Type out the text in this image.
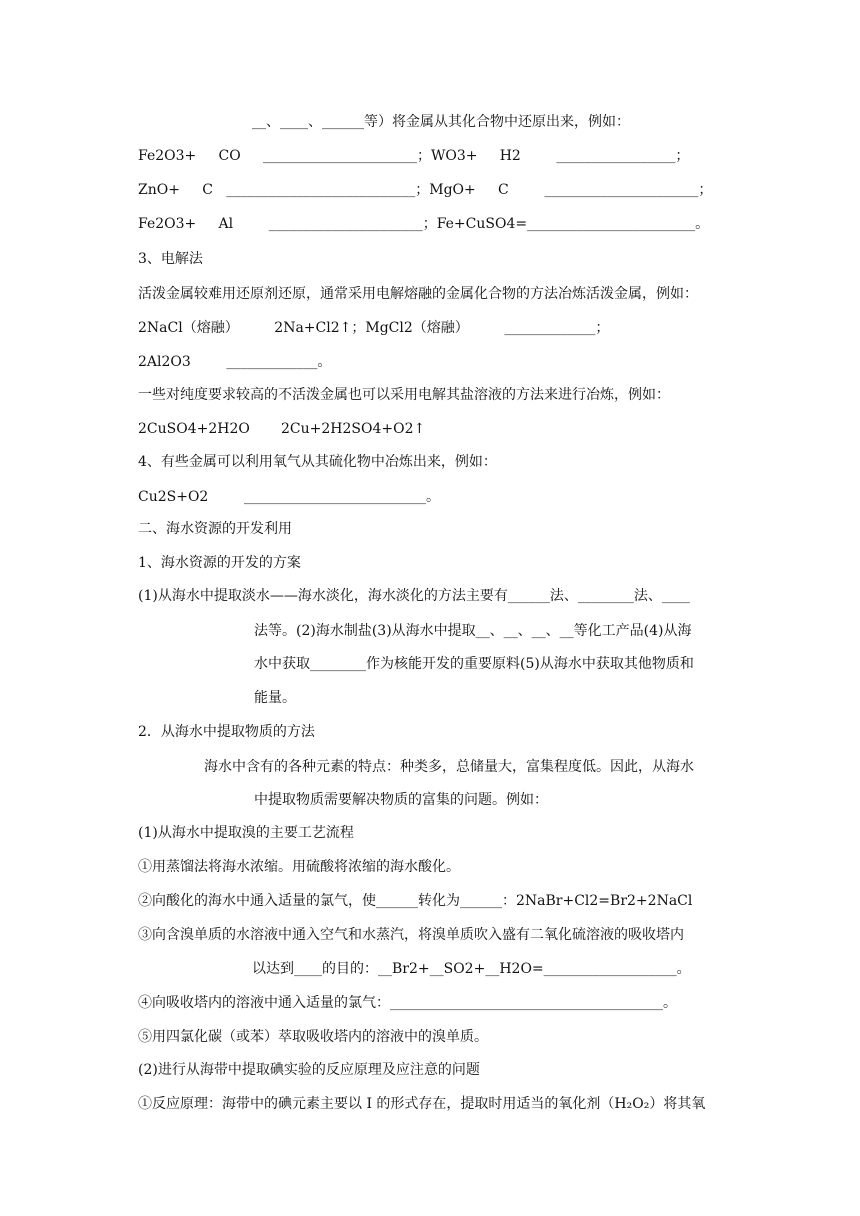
__、____、______等）将金属从其化合物中还原出来，例如：
Fe2O3+     CO     ______________________；WO3+     H2        _________________；
ZnO+     C   ___________________________；MgO+     C        ______________________；
Fe2O3+     Al        ______________________；Fe+CuSO4=________________________。
3、电解法
活泼金属较难用还原剂还原，通常采用电解熔融的金属化合物的方法冶炼活泼金属，例如：
2NaCl（熔融）        2Na+Cl2↑；MgCl2（熔融）        _____________；
2Al2O3        _____________。
一些对纯度要求较高的不活泼金属也可以采用电解其盐溶液的方法来进行冶炼，例如：
2CuSO4+2H2O       2Cu+2H2SO4+O2↑
4、有些金属可以利用氧气从其硫化物中冶炼出来，例如：
Cu2S+O2        __________________________。
二、海水资源的开发利用
1、海水资源的开发的方案
(1)从海水中提取淡水——海水淡化，海水淡化的方法主要有______法、________法、____
法等。(2)海水制盐(3)从海水中提取__、__、__、__等化工产品(4)从海
水中获取________作为核能开发的重要原料(5)从海水中获取其他物质和
能量。
2．从海水中提取物质的方法
海水中含有的各种元素的特点：种类多，总储量大，富集程度低。因此，从海水
中提取物质需要解决物质的富集的问题。例如：
(1)从海水中提取溴的主要工艺流程
①用蒸馏法将海水浓缩。用硫酸将浓缩的海水酸化。
②向酸化的海水中通入适量的氯气，使______转化为______：2NaBr+Cl2=Br2+2NaCl
③向含溴单质的水溶液中通入空气和水蒸汽，将溴单质吹入盛有二氧化硫溶液的吸收塔内
以达到____的目的：__Br2+__SO2+__H2O=___________________。
④向吸收塔内的溶液中通入适量的氯气：_______________________________________。
⑤用四氯化碳（或苯）萃取吸收塔内的溶液中的溴单质。
(2)进行从海带中提取碘实验的反应原理及应注意的问题
①反应原理：海带中的碘元素主要以 I 的形式存在，提取时用适当的氧化剂（H₂O₂）将其氧
